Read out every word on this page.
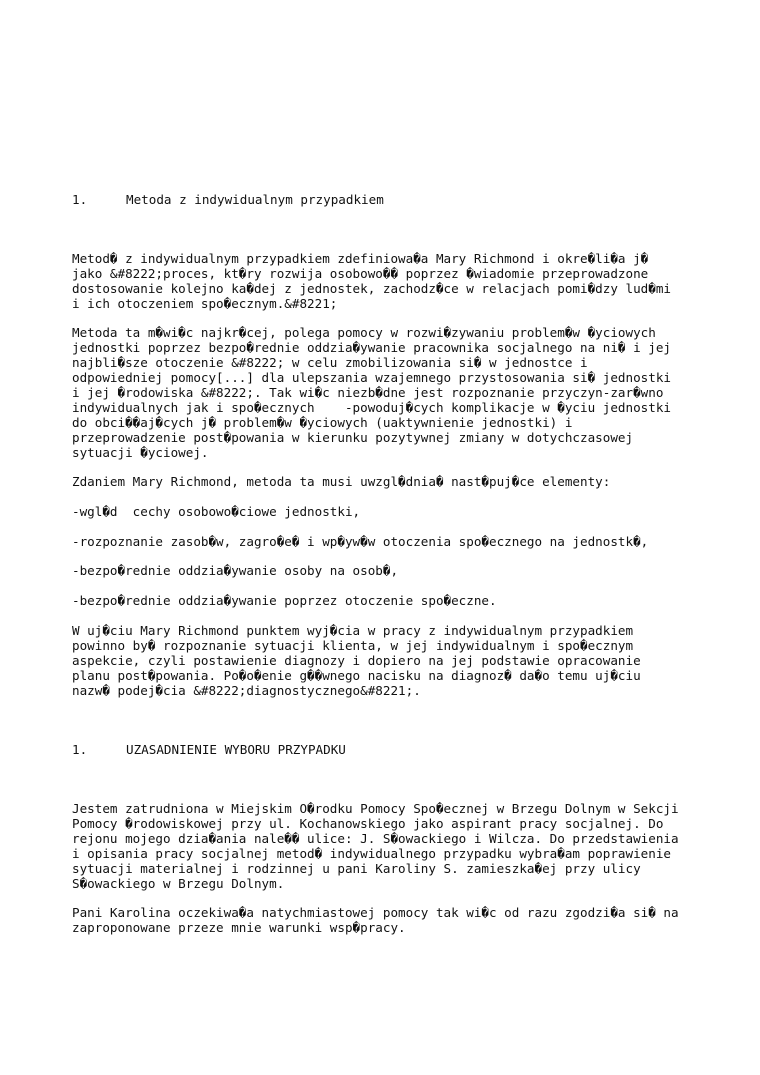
1.	Metoda z indywidualnym przypadkiem

Metod� z indywidualnym przypadkiem zdefiniowa�a Mary Richmond i okre�li�a j�
jako &#8222;proces, kt�ry rozwija osobowo�� poprzez �wiadomie przeprowadzone
dostosowanie kolejno ka�dej z jednostek, zachodz�ce w relacjach pomi�dzy lud�mi
i ich otoczeniem spo�ecznym.&#8221;

Metoda ta m�wi�c najkr�cej, polega pomocy w rozwi�zywaniu problem�w �yciowych
jednostki poprzez bezpo�rednie oddzia�ywanie pracownika socjalnego na ni� i jej
najbli�sze otoczenie &#8222; w celu zmobilizowania si� w jednostce i
odpowiedniej pomocy[...] dla ulepszania wzajemnego przystosowania si� jednostki
i jej �rodowiska &#8222;. Tak wi�c niezb�dne jest rozpoznanie przyczyn-zar�wno
indywidualnych jak i spo�ecznych    -powoduj�cych komplikacje w �yciu jednostki
do obci��aj�cych j� problem�w �yciowych (uaktywnienie jednostki) i
przeprowadzenie post�powania w kierunku pozytywnej zmiany w dotychczasowej
sytuacji �yciowej.

Zdaniem Mary Richmond, metoda ta musi uwzgl�dnia� nast�puj�ce elementy:

-wgl�d  cechy osobowo�ciowe jednostki,

-rozpoznanie zasob�w, zagro�e� i wp�yw�w otoczenia spo�ecznego na jednostk�,

-bezpo�rednie oddzia�ywanie osoby na osob�,

-bezpo�rednie oddzia�ywanie poprzez otoczenie spo�eczne.

W uj�ciu Mary Richmond punktem wyj�cia w pracy z indywidualnym przypadkiem
powinno by� rozpoznanie sytuacji klienta, w jej indywidualnym i spo�ecznym
aspekcie, czyli postawienie diagnozy i dopiero na jej podstawie opracowanie
planu post�powania. Po�o�enie g��wnego nacisku na diagnoz� da�o temu uj�ciu
nazw� podej�cia &#8222;diagnostycznego&#8221;.

1.	UZASADNIENIE WYBORU PRZYPADKU

Jestem zatrudniona w Miejskim O�rodku Pomocy Spo�ecznej w Brzegu Dolnym w Sekcji
Pomocy �rodowiskowej przy ul. Kochanowskiego jako aspirant pracy socjalnej. Do
rejonu mojego dzia�ania nale�� ulice: J. S�owackiego i Wilcza. Do przedstawienia
i opisania pracy socjalnej metod� indywidualnego przypadku wybra�am poprawienie
sytuacji materialnej i rodzinnej u pani Karoliny S. zamieszka�ej przy ulicy
S�owackiego w Brzegu Dolnym.

Pani Karolina oczekiwa�a natychmiastowej pomocy tak wi�c od razu zgodzi�a si� na
zaproponowane przeze mnie warunki wsp�pracy.
